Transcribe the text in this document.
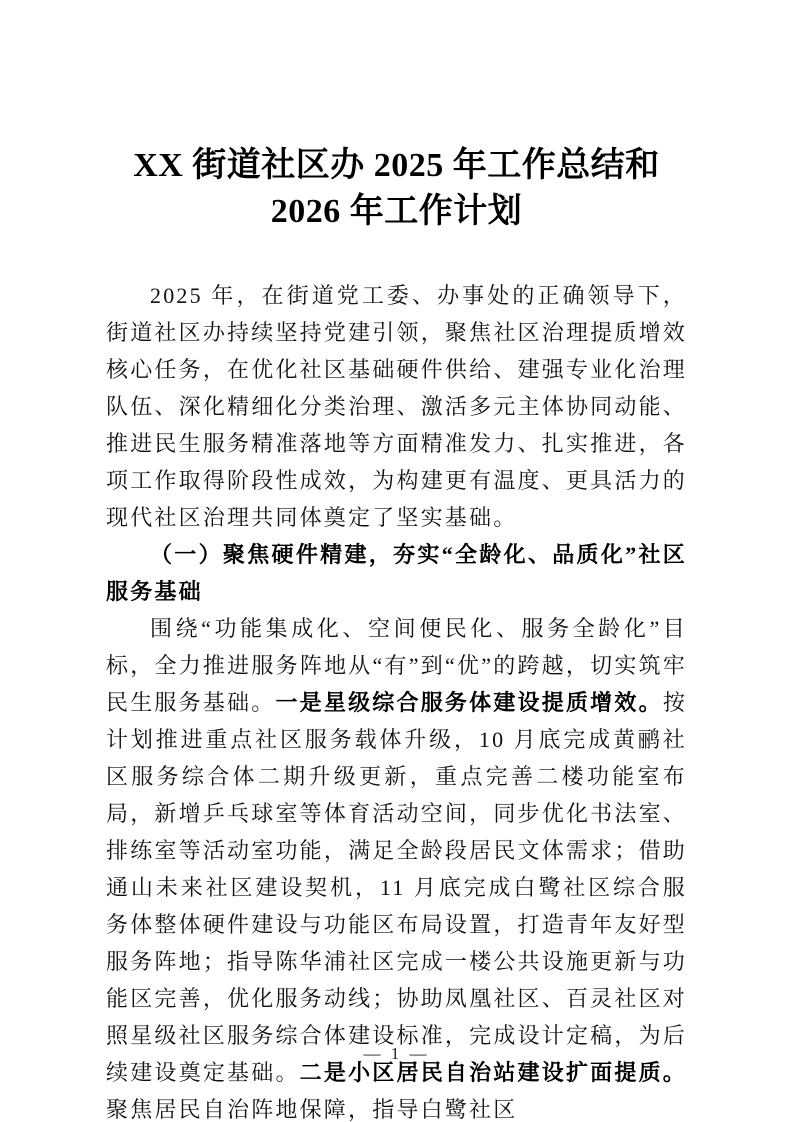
XX 街道社区办 2025 年工作总结和 2026 年工作计划

2025 年，在街道党工委、办事处的正确领导下，街道社区办持续坚持党建引领，聚焦社区治理提质增效核心任务，在优化社区基础硬件供给、建强专业化治理队伍、深化精细化分类治理、激活多元主体协同动能、推进民生服务精准落地等方面精准发力、扎实推进，各项工作取得阶段性成效，为构建更有温度、更具活力的现代社区治理共同体奠定了坚实基础。

（一）聚焦硬件精建，夯实“全龄化、品质化”社区服务基础

围绕“功能集成化、空间便民化、服务全龄化”目标，全力推进服务阵地从“有”到“优”的跨越，切实筑牢民生服务基础。一是星级综合服务体建设提质增效。按计划推进重点社区服务载体升级，10 月底完成黄鹂社区服务综合体二期升级更新，重点完善二楼功能室布局，新增乒乓球室等体育活动空间，同步优化书法室、排练室等活动室功能，满足全龄段居民文体需求；借助通山未来社区建设契机，11 月底完成白鹭社区综合服务体整体硬件建设与功能区布局设置，打造青年友好型服务阵地；指导陈华浦社区完成一楼公共设施更新与功能区完善，优化服务动线；协助凤凰社区、百灵社区对照星级社区服务综合体建设标准，完成设计定稿，为后续建设奠定基础。二是小区居民自治站建设扩面提质。聚焦居民自治阵地保障，指导白鹭社区

— 1 —
